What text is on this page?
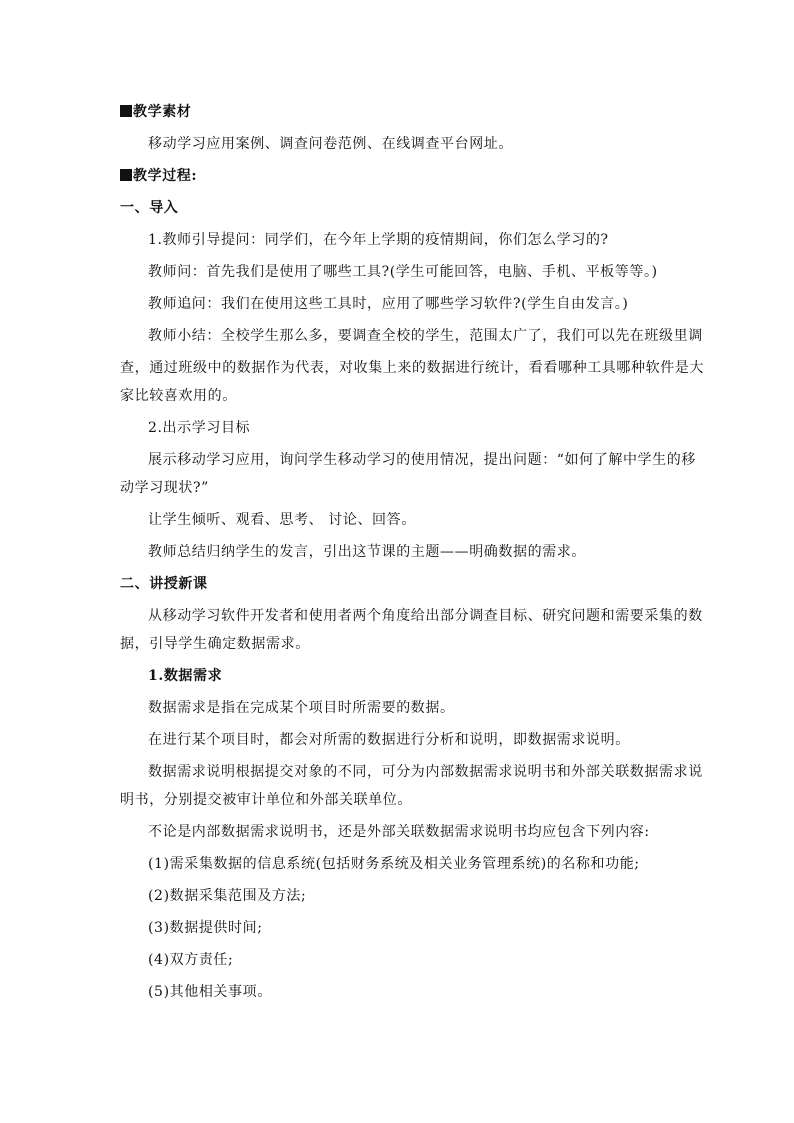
教学素材
移动学习应用案例、调查问卷范例、在线调查平台网址。
教学过程:
一、导入
1.教师引导提问：同学们，在今年上学期的疫情期间，你们怎么学习的?
教师问：首先我们是使用了哪些工具?(学生可能回答，电脑、手机、平板等等。)
教师追问：我们在使用这些工具时，应用了哪些学习软件?(学生自由发言。)
教师小结：全校学生那么多，要调查全校的学生，范围太广了，我们可以先在班级里调
查，通过班级中的数据作为代表，对收集上来的数据进行统计，看看哪种工具哪种软件是大
家比较喜欢用的。
2.出示学习目标
展示移动学习应用，询问学生移动学习的使用情况，提出问题：“如何了解中学生的移
动学习现状?”
让学生倾听、观看、思考、 讨论、回答。
教师总结归纳学生的发言，引出这节课的主题——明确数据的需求。
二、讲授新课
从移动学习软件开发者和使用者两个角度给出部分调查目标、研究问题和需要采集的数
据，引导学生确定数据需求。
1.数据需求
数据需求是指在完成某个项目时所需要的数据。
在进行某个项目时，都会对所需的数据进行分析和说明，即数据需求说明。
数据需求说明根据提交对象的不同，可分为内部数据需求说明书和外部关联数据需求说
明书，分别提交被审计单位和外部关联单位。
不论是内部数据需求说明书，还是外部关联数据需求说明书均应包含下列内容:
(1)需采集数据的信息系统(包括财务系统及相关业务管理系统)的名称和功能;
(2)数据采集范围及方法;
(3)数据提供时间;
(4)双方责任;
(5)其他相关事项。
